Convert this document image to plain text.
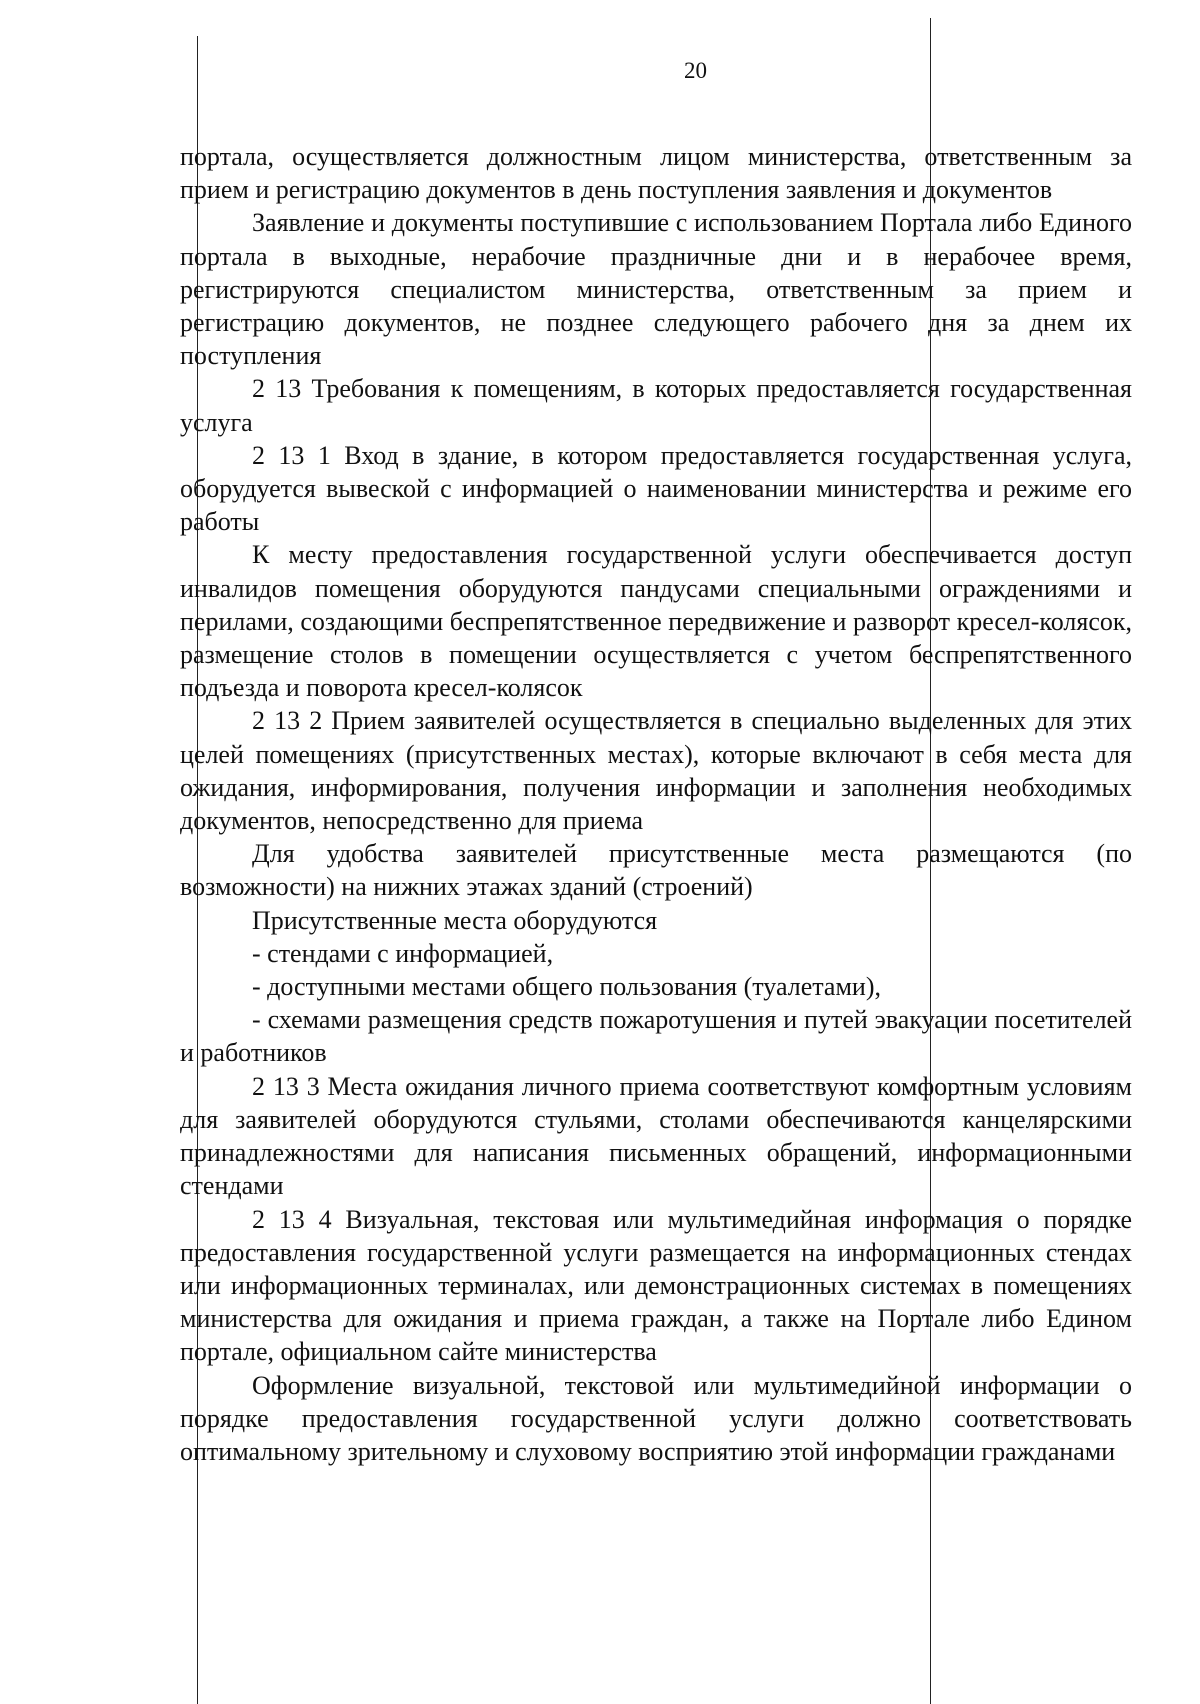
20

портала, осуществляется должностным лицом министерства, ответственным за прием и регистрацию документов в день поступления заявления и документов

Заявление и документы поступившие с использованием Портала либо Единого портала в выходные, нерабочие праздничные дни и в нерабочее время, регистрируются специалистом министерства, ответственным за прием и регистрацию документов, не позднее следующего рабочего дня за днем их поступления

2 13 Требования к помещениям, в которых предоставляется государственная услуга

2 13 1 Вход в здание, в котором предоставляется государственная услуга, оборудуется вывеской с информацией о наименовании министерства и режиме его работы

К месту предоставления государственной услуги обеспечивается доступ инвалидов помещения оборудуются пандусами специальными ограждениями и перилами, создающими беспрепятственное передвижение и разворот кресел-колясок, размещение столов в помещении осуществляется с учетом беспрепятственного подъезда и поворота кресел-колясок

2 13 2 Прием заявителей осуществляется в специально выделенных для этих целей помещениях (присутственных местах), которые включают в себя места для ожидания, информирования, получения информации и заполнения необходимых документов, непосредственно для приема

Для удобства заявителей присутственные места размещаются (по возможности) на нижних этажах зданий (строений)

Присутственные места оборудуются

- стендами с информацией,

- доступными местами общего пользования (туалетами),

- схемами размещения средств пожаротушения и путей эвакуации посетителей и работников

2 13 3 Места ожидания личного приема соответствуют комфортным условиям для заявителей оборудуются стульями, столами обеспечиваются канцелярскими принадлежностями для написания письменных обращений, информационными стендами

2 13 4 Визуальная, текстовая или мультимедийная информация о порядке предоставления государственной услуги размещается на информационных стендах или информационных терминалах, или демонстрационных системах в помещениях министерства для ожидания и приема граждан, а также на Портале либо Едином портале, официальном сайте министерства

Оформление визуальной, текстовой или мультимедийной информации о порядке предоставления государственной услуги должно соответствовать оптимальному зрительному и слуховому восприятию этой информации гражданами
